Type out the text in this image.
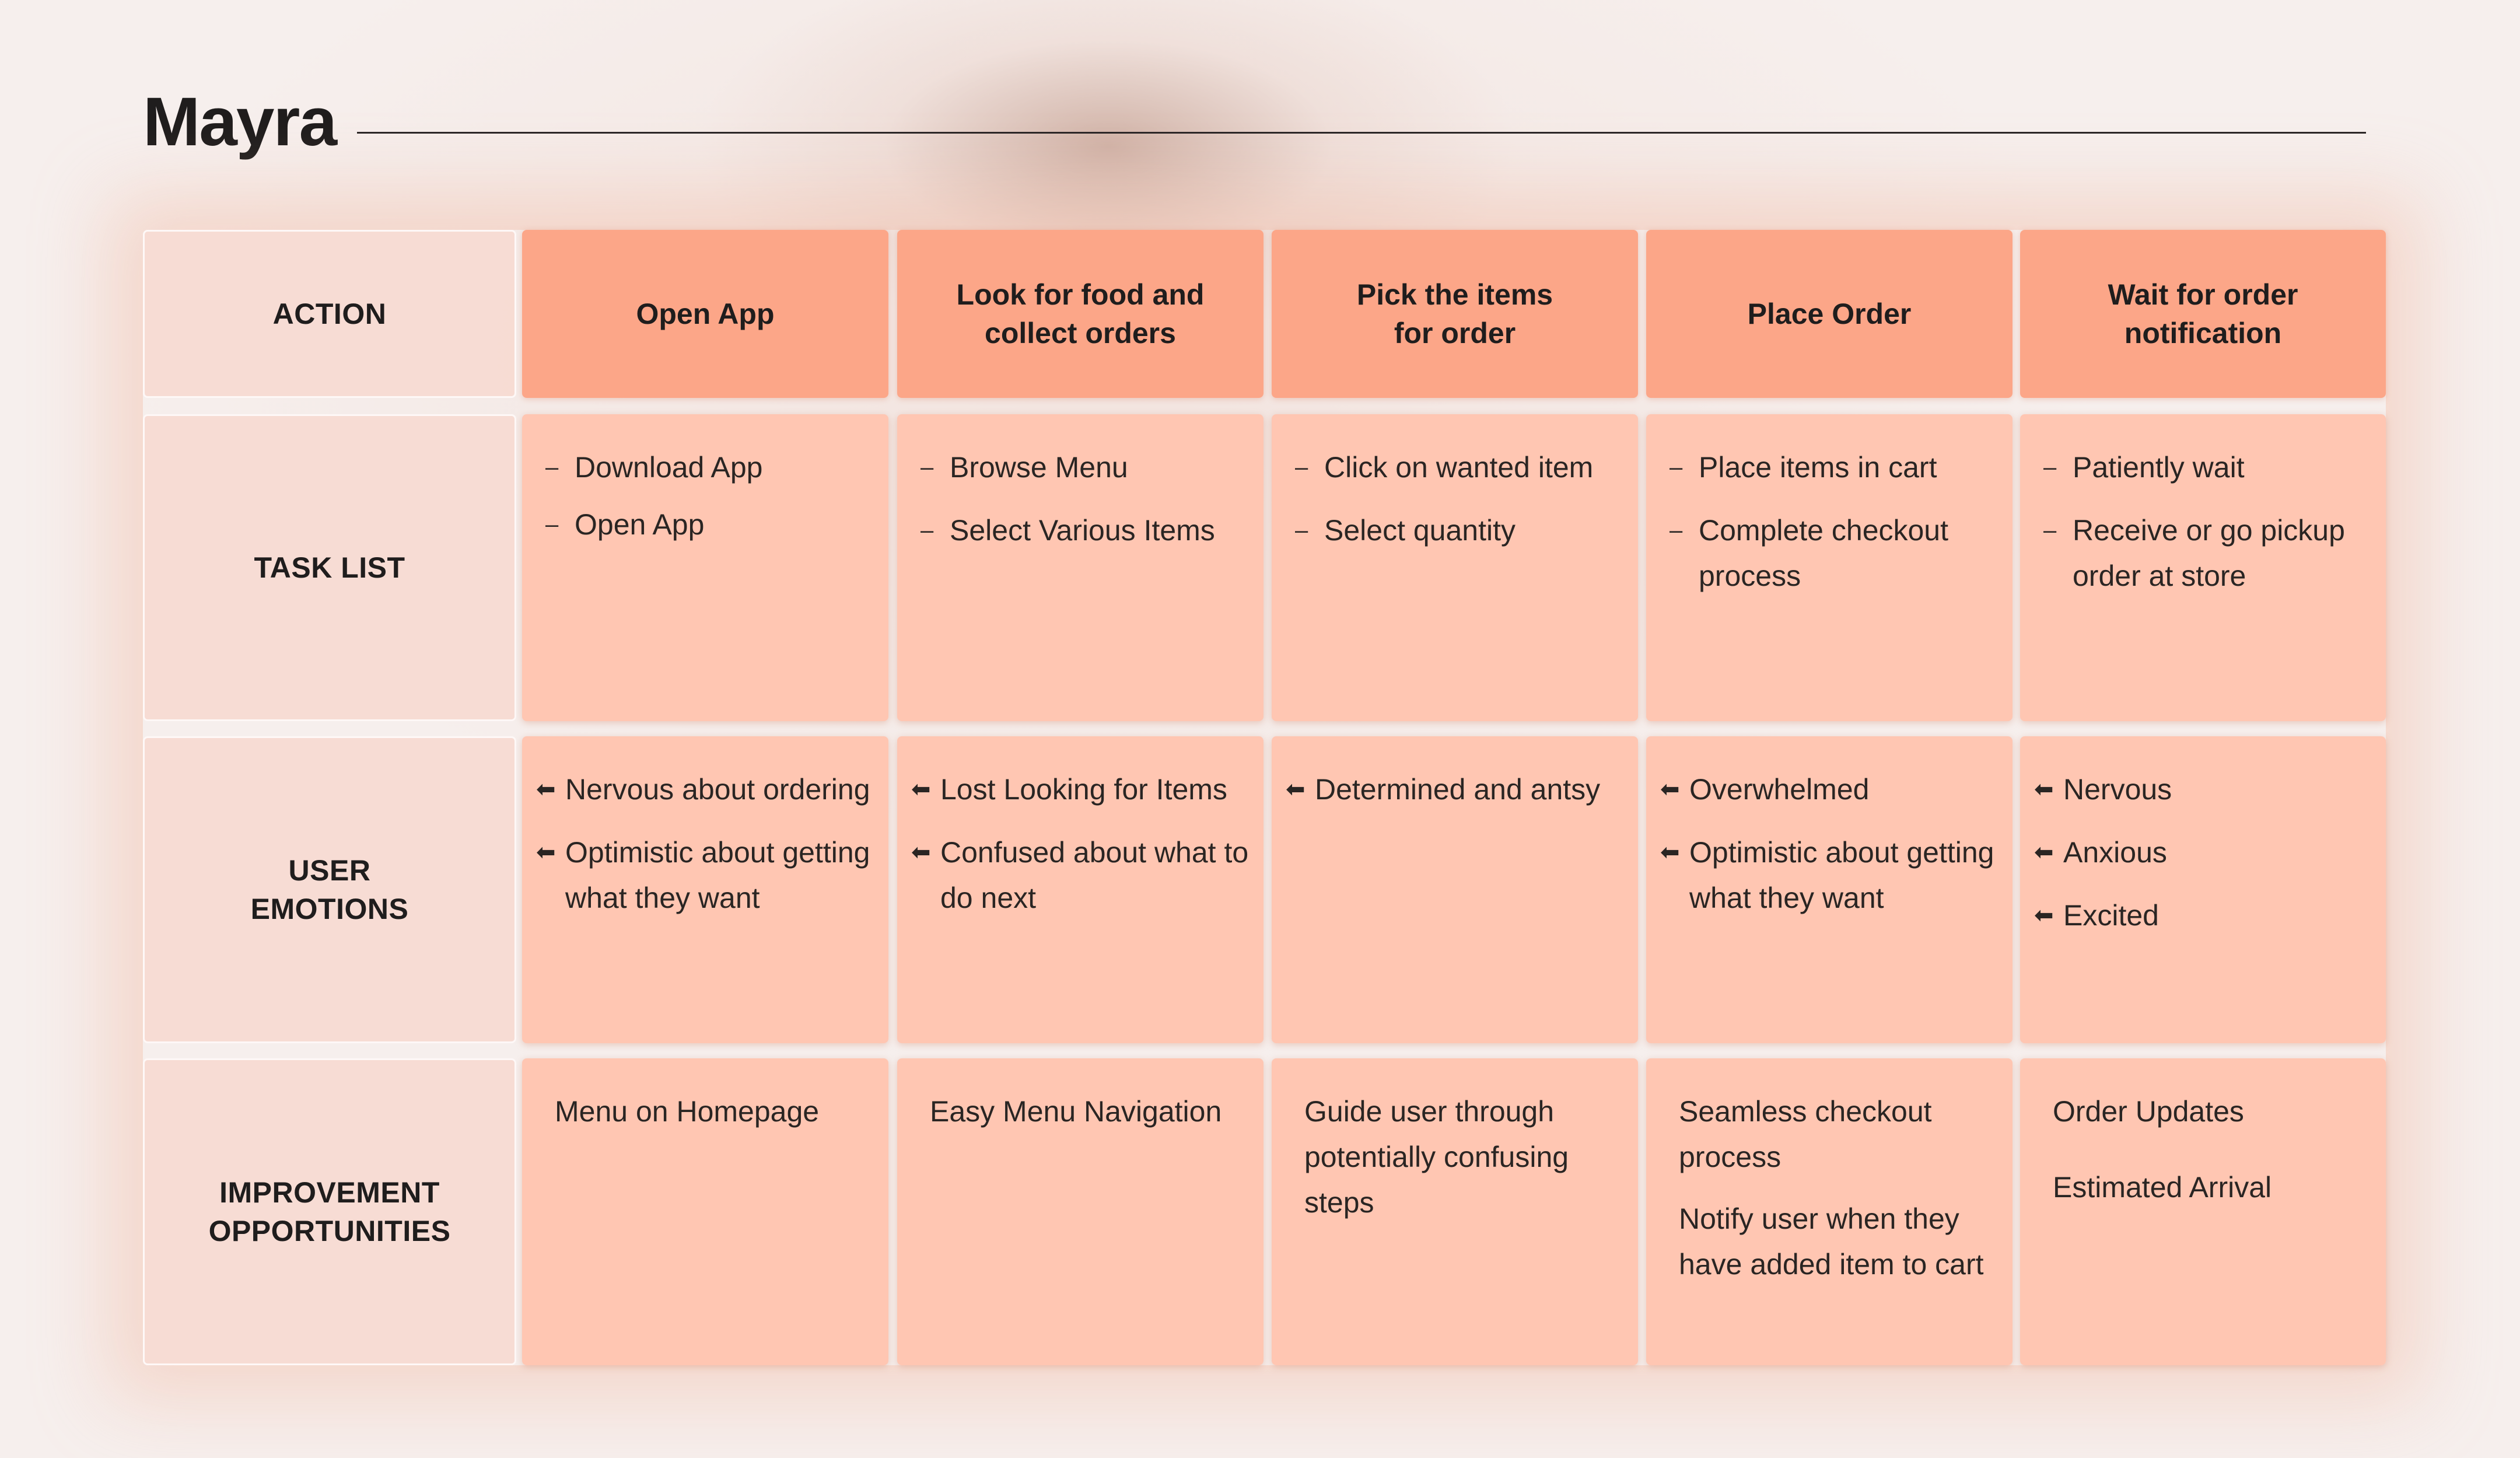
Mayra
ACTION
TASK LIST
USER EMOTIONS
IMPROVEMENT OPPORTUNITIES
Open App
– Download App
– Open App
⬅ Nervous about ordering
⬅ Optimistic about getting what they want
Menu on Homepage
Look for food and
collect orders
– Browse Menu
– Select Various Items
⬅ Lost Looking for Items
⬅ Confused about what to do next
Easy Menu Navigation
Pick the items
for order
– Click on wanted item
– Select quantity
⬅ Determined and antsy
Guide user through potentially confusing steps
Place Order
– Place items in cart
– Complete checkout process
⬅ Overwhelmed
⬅ Optimistic about getting what they want
Seamless checkout process
Notify user when they have added item to cart
Wait for order
notification
– Patiently wait
– Receive or go pickup order at store
⬅ Nervous
⬅ Anxious
⬅ Excited
Order Updates
Estimated Arrival
